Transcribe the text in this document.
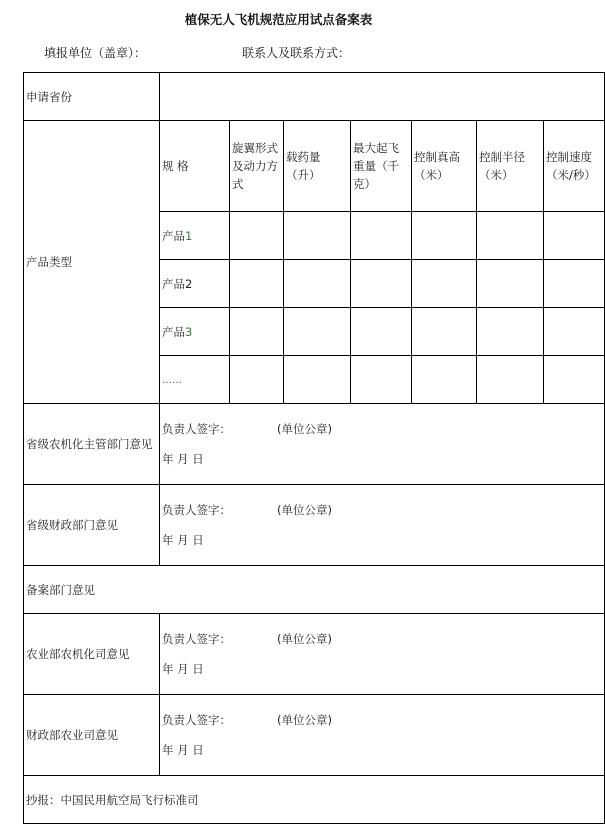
植保无人飞机规范应用试点备案表
填报单位（盖章）：	联系人及联系方式：
申请省份							
产品类型	规 格	旋翼形式及动力方式	载药量（升）	最大起飞重量（千克）	控制真高（米）	控制半径（米）	控制速度（米/秒）
	产品1						
	产品2						
	产品3						
	……						
省级农机化主管部门意见	负责人签字： (单位公章)
年 月 日						

省级财政部门意见	负责人签字： (单位公章)
年 月 日						

备案部门意见							
农业部农机化司意见	负责人签字： (单位公章)
年 月 日						

财政部农业司意见	负责人签字： (单位公章)
年 月 日						

抄报：中国民用航空局飞行标准司							
